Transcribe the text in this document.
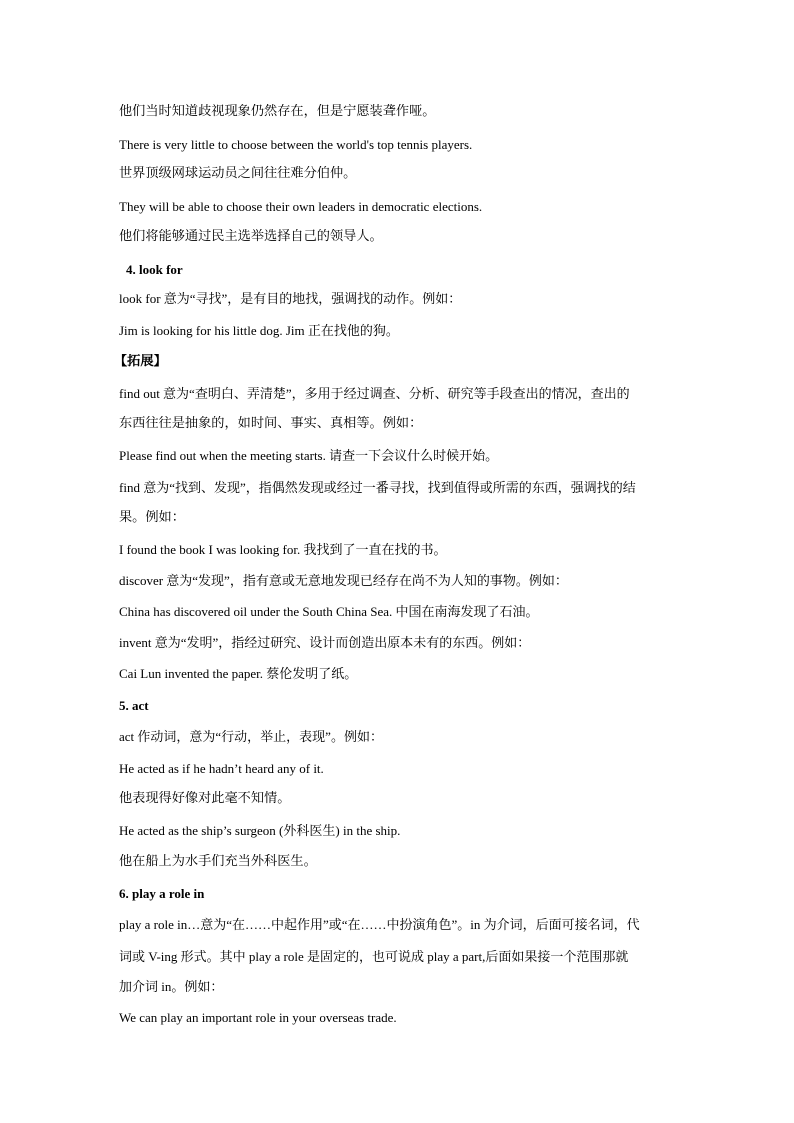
他们当时知道歧视现象仍然存在，但是宁愿装聋作哑。
There is very little to choose between the world's top tennis players.
世界顶级网球运动员之间往往难分伯仲。
They will be able to choose their own leaders in democratic elections.
他们将能够通过民主选举选择自己的领导人。
4. look for
look for 意为“寻找”，是有目的地找，强调找的动作。例如：
Jim is looking for his little dog. Jim 正在找他的狗。
【拓展】
find out 意为“查明白、弄清楚”，多用于经过调查、分析、研究等手段查出的情况，查出的
东西往往是抽象的，如时间、事实、真相等。例如：
Please find out when the meeting starts. 请查一下会议什么时候开始。
find 意为“找到、发现”，指偶然发现或经过一番寻找，找到值得或所需的东西，强调找的结
果。例如：
I found the book I was looking for. 我找到了一直在找的书。
discover 意为“发现”，指有意或无意地发现已经存在尚不为人知的事物。例如：
China has discovered oil under the South China Sea. 中国在南海发现了石油。
invent 意为“发明”，指经过研究、设计而创造出原本未有的东西。例如：
Cai Lun invented the paper. 蔡伦发明了纸。
5. act
act 作动词，意为“行动，举止，表现”。例如：
He acted as if he hadn’t heard any of it.
他表现得好像对此毫不知情。
He acted as the ship’s surgeon (外科医生) in the ship.
他在船上为水手们充当外科医生。
6. play a role in
play a role in…意为“在……中起作用”或“在……中扮演角色”。in 为介词，后面可接名词，代
词或 V-ing 形式。其中 play a role 是固定的，也可说成 play a part,后面如果接一个范围那就
加介词 in。例如：
We can play an important role in your overseas trade.
